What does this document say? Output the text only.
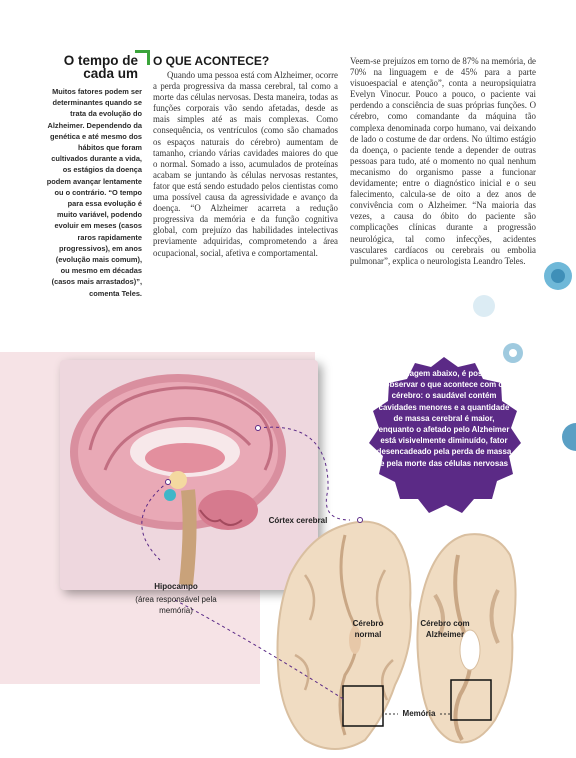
O tempo de cada um
Muitos fatores podem ser determinantes quando se trata da evolução do Alzheimer. Dependendo da genética e até mesmo dos hábitos que foram cultivados durante a vida, os estágios da doença podem avançar lentamente ou o contrário. “O tempo para essa evolução é muito variável, podendo evoluir em meses (casos raros rapidamente progressivos), em anos (evolução mais comum), ou mesmo em décadas (casos mais arrastados)”, comenta Teles.
O QUE ACONTECE?
Quando uma pessoa está com Alzheimer, ocorre a perda progressiva da massa cerebral, tal como a morte das células nervosas. Desta maneira, todas as funções corporais vão sendo afetadas, desde as mais simples até as mais complexas. Como consequência, os ventrículos (como são chamados os espaços naturais do cérebro) aumentam de tamanho, criando várias cavidades maiores do que o normal. Somado a isso, acumulados de proteínas acabam se juntando às células nervosas restantes, fator que está sendo estudado pelos cientistas como uma possível causa da agressividade e avanço da doença. “O Alzheimer acarreta a redução progressiva da memória e da função cognitiva global, com prejuízo das habilidades intelectivas previamente adquiridas, comprometendo a área ocupacional, social, afetiva e comportamental.
Veem-se prejuízos em torno de 87% na memória, de 70% na linguagem e de 45% para a parte visuoespacial e atenção”, conta a neuropsiquiatra Evelyn Vinocur. Pouco a pouco, o paciente vai perdendo a consciência de suas próprias funções. O cérebro, como comandante da máquina tão complexa denominada corpo humano, vai deixando de lado o costume de dar ordens. No último estágio da doença, o paciente tende a depender de outras pessoas para tudo, até o momento no qual nenhum mecanismo do organismo passe a funcionar devidamente; entre o diagnóstico inicial e o seu falecimento, calcula-se de oito a dez anos de convivência com o Alzheimer. “Na maioria das vezes, a causa do óbito do paciente são complicações clínicas durante a progressão neurológica, tal como infecções, acidentes vasculares cardíacos ou cerebrais ou embolia pulmonar”, explica o neurologista Leandro Teles.
Na imagem abaixo, é possível observar o que acontece com o cérebro: o saudável contém cavidades menores e a quantidade de massa cerebral é maior, enquanto o afetado pelo Alzheimer está visivelmente diminuído, fator desencadeado pela perda de massa e pela morte das células nervosas
Córtex cerebral
Hipocampo
(área responsável pela memória)
Cérebro normal
Cérebro com Alzheimer
Memória
